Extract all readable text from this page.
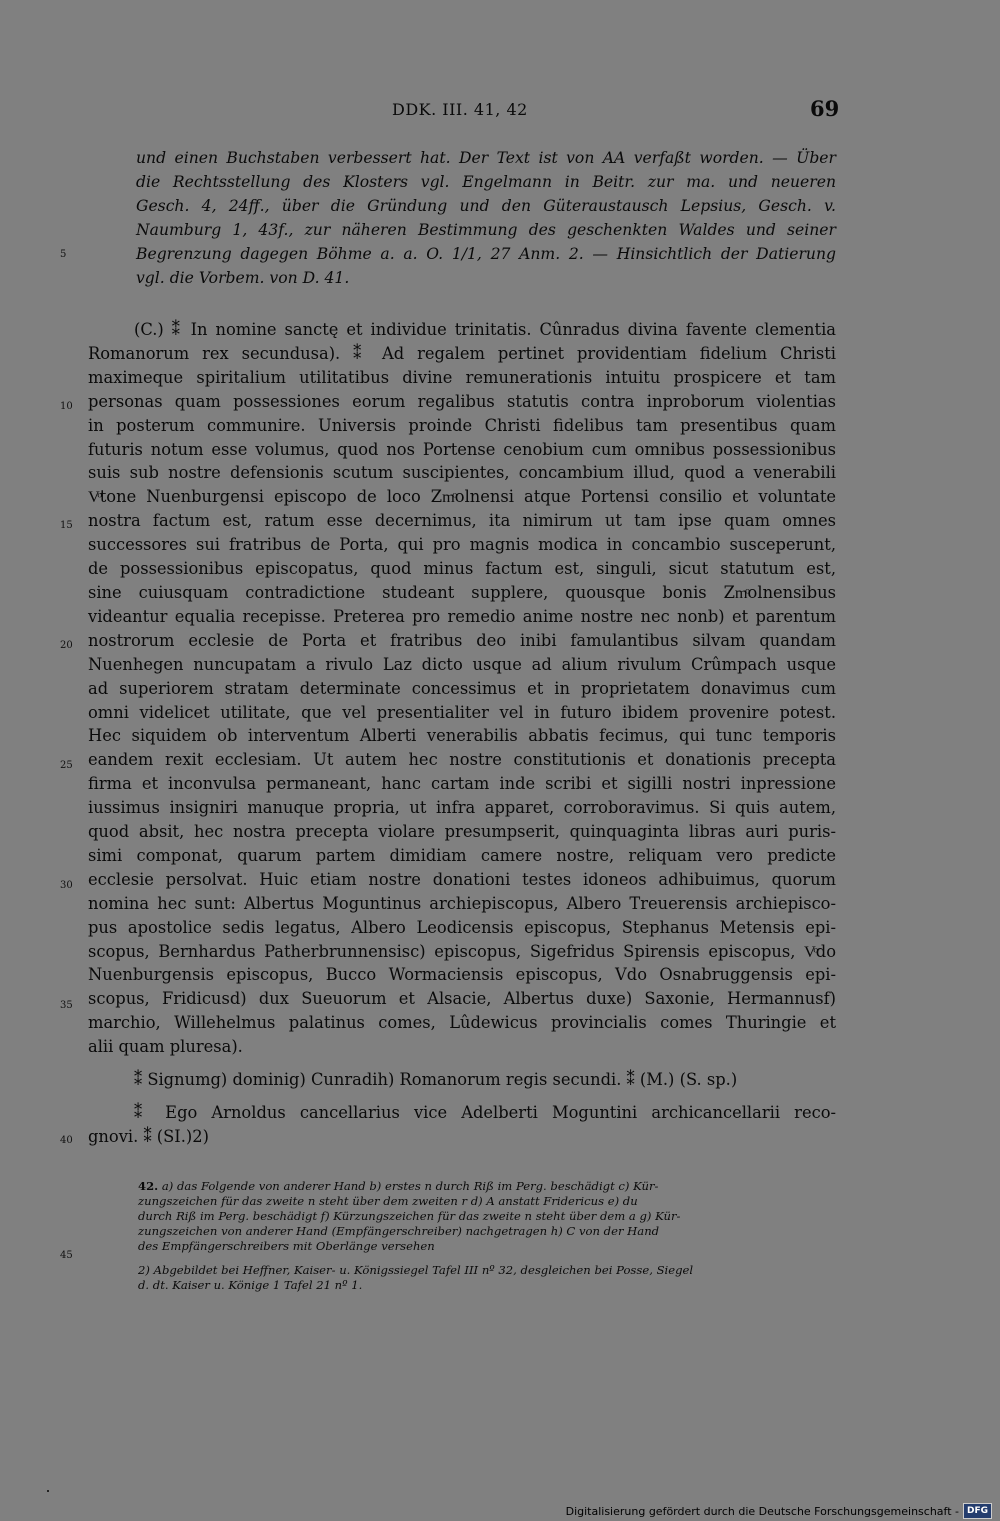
DDK. III. 41, 42	69
und einen Buchstaben verbessert hat. Der Text ist von AA verfaßt worden. — Über
die Rechtsstellung des Klosters vgl. Engelmann in Beitr. zur ma. und neueren
Gesch. 4, 24ff., über die Gründung und den Güteraustausch Lepsius, Gesch. v.
Naumburg 1, 43f., zur näheren Bestimmung des geschenkten Waldes und seiner
Begrenzung dagegen Böhme a. a. O. 1/1, 27 Anm. 2. — Hinsichtlich der Datierung
vgl. die Vorbem. von D. 41.
5
10
15
20
25
30
35
40
45
(C.) ⁑ In nomine sanctę et individue trinitatis. Cûnradus divina favente clementia
Romanorum rex secundusa). ⁑ Ad regalem pertinet providentiam fidelium Christi
maximeque spiritalium utilitatibus divine remunerationis intuitu prospicere et tam
personas quam possessiones eorum regalibus statutis contra inproborum violentias
in posterum communire. Universis proinde Christi fidelibus tam presentibus quam
futuris notum esse volumus, quod nos Portense cenobium cum omnibus possessionibus
suis sub nostre defensionis scutum suscipientes, concambium illud, quod a venerabili
Vͦtone Nuenburgensi episcopo de loco Zmͦolnensi atque Portensi consilio et voluntate
nostra factum est, ratum esse decernimus, ita nimirum ut tam ipse quam omnes
successores sui fratribus de Porta, qui pro magnis modica in concambio susceperunt,
de possessionibus episcopatus, quod minus factum est, singuli, sicut statutum est,
sine cuiusquam contradictione studeant supplere, quousque bonis Zmͦolnensibus
videantur equalia recepisse. Preterea pro remedio anime nostre nec nonb) et parentum
nostrorum ecclesie de Porta et fratribus deo inibi famulantibus silvam quandam
Nuenhegen nuncupatam a rivulo Laz dicto usque ad alium rivulum Crûmpach usque
ad superiorem stratam determinate concessimus et in proprietatem donavimus cum
omni videlicet utilitate, que vel presentialiter vel in futuro ibidem provenire potest.
Hec siquidem ob interventum Alberti venerabilis abbatis fecimus, qui tunc temporis
eandem rexit ecclesiam. Ut autem hec nostre constitutionis et donationis precepta
firma et inconvulsa permaneant, hanc cartam inde scribi et sigilli nostri inpressione
iussimus insigniri manuque propria, ut infra apparet, corroboravimus. Si quis autem,
quod absit, hec nostra precepta violare presumpserit, quinquaginta libras auri puris-
simi componat, quarum partem dimidiam camere nostre, reliquam vero predicte
ecclesie persolvat. Huic etiam nostre donationi testes idoneos adhibuimus, quorum
nomina hec sunt: Albertus Moguntinus archiepiscopus, Albero Treuerensis archiepisco-
pus apostolice sedis legatus, Albero Leodicensis episcopus, Stephanus Metensis epi-
scopus, Bernhardus Patherbrunnensisc) episcopus, Sigefridus Spirensis episcopus, Vͦdo
Nuenburgensis episcopus, Bucco Wormaciensis episcopus, Vdo Osnabruggensis epi-
scopus, Fridicusd) dux Sueuorum et Alsacie, Albertus duxe) Saxonie, Hermannusf)
marchio, Willehelmus palatinus comes, Lûdewicus provincialis comes Thuringie et
alii quam pluresa).
⁑ Signumg) dominig) Cunradih) Romanorum regis secundi. ⁑ (M.) (S. sp.)
⁑ Ego Arnoldus cancellarius vice Adelberti Moguntini archicancellarii reco-
gnovi. ⁑ (SI.)2)
42. a) das Folgende von anderer Hand b) erstes n durch Riß im Perg. beschädigt c) Kür-
zungszeichen für das zweite n steht über dem zweiten r d) A anstatt Fridericus e) du
durch Riß im Perg. beschädigt f) Kürzungszeichen für das zweite n steht über dem a g) Kür-
zungszeichen von anderer Hand (Empfängerschreiber) nachgetragen h) C von der Hand
des Empfängerschreibers mit Oberlänge versehen
2) Abgebildet bei Heffner, Kaiser- u. Königssiegel Tafel III nº 32, desgleichen bei Posse, Siegel
d. dt. Kaiser u. Könige 1 Tafel 21 nº 1.
Digitalisierung gefördert durch die Deutsche Forschungsgemeinschaft - DFG
